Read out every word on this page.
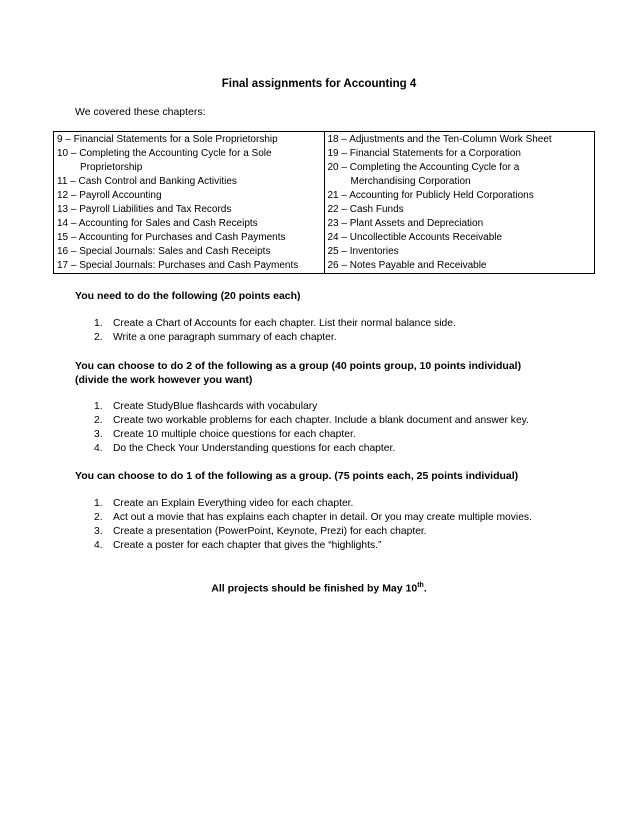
Final assignments for Accounting 4
We covered these chapters:
9 – Financial Statements for a Sole Proprietorship
10 – Completing the Accounting Cycle for a Sole
Proprietorship
11 – Cash Control and Banking Activities
12 – Payroll Accounting
13 – Payroll Liabilities and Tax Records
14 – Accounting for Sales and Cash Receipts
15 – Accounting for Purchases and Cash Payments
16 – Special Journals: Sales and Cash Receipts
17 – Special Journals: Purchases and Cash Payments

18 – Adjustments and the Ten-Column Work Sheet
19 – Financial Statements for a Corporation
20 – Completing the Accounting Cycle for a
Merchandising Corporation
21 – Accounting for Publicly Held Corporations
22 – Cash Funds
23 – Plant Assets and Depreciation
24 – Uncollectible Accounts Receivable
25 – Inventories
26 – Notes Payable and Receivable
You need to do the following (20 points each)
1. Create a Chart of Accounts for each chapter. List their normal balance side.
2. Write a one paragraph summary of each chapter.
You can choose to do 2 of the following as a group (40 points group, 10 points individual)
(divide the work however you want)
1. Create StudyBlue flashcards with vocabulary
2. Create two workable problems for each chapter. Include a blank document and answer key.
3. Create 10 multiple choice questions for each chapter.
4. Do the Check Your Understanding questions for each chapter.
You can choose to do 1 of the following as a group. (75 points each, 25 points individual)
1. Create an Explain Everything video for each chapter.
2. Act out a movie that has explains each chapter in detail. Or you may create multiple movies.
3. Create a presentation (PowerPoint, Keynote, Prezi) for each chapter.
4. Create a poster for each chapter that gives the “highlights.”
All projects should be finished by May 10th.
